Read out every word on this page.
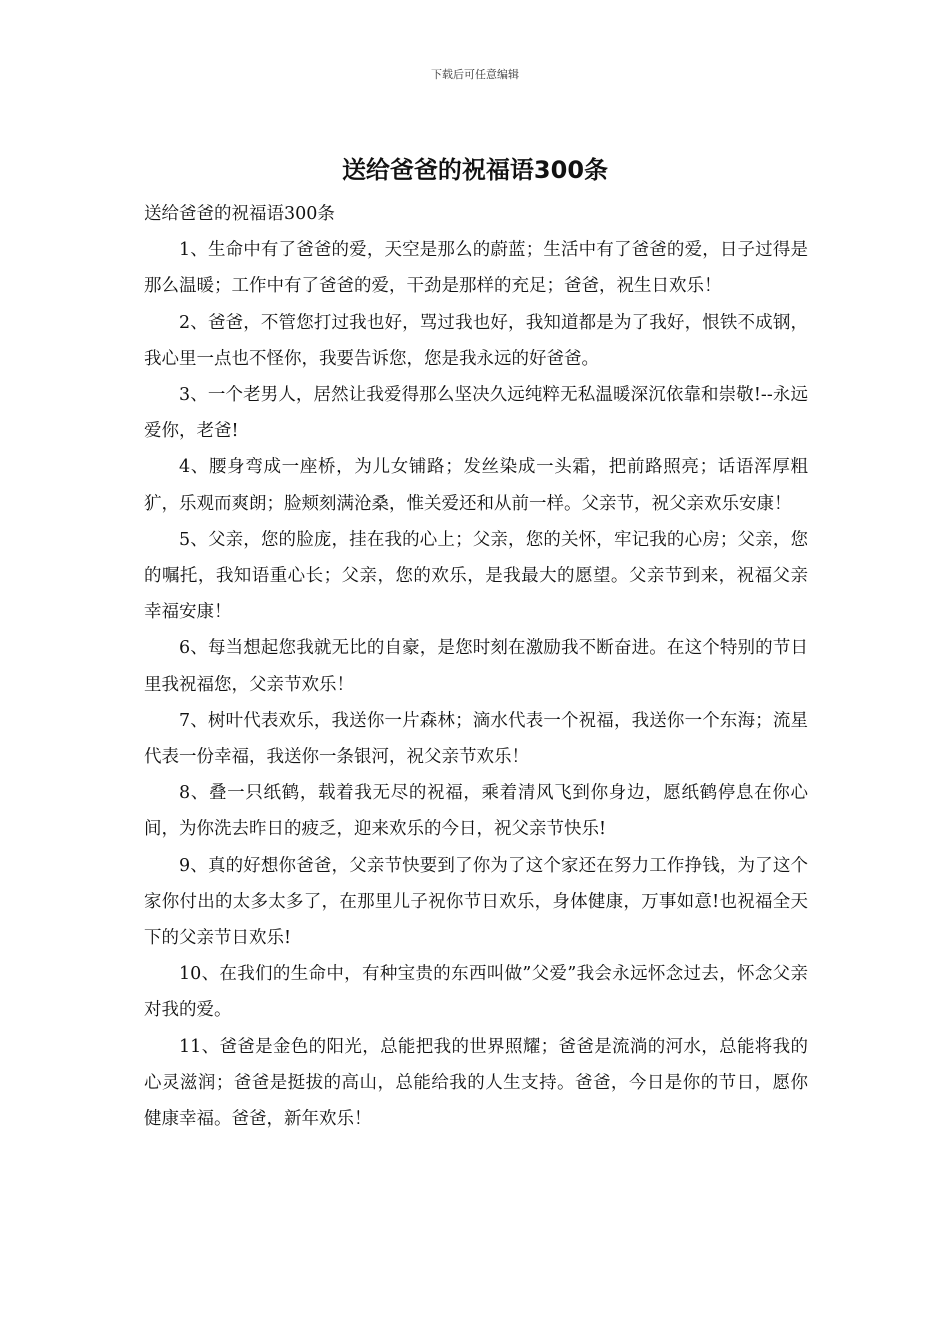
下载后可任意编辑
送给爸爸的祝福语300条

送给爸爸的祝福语300条

1、生命中有了爸爸的爱，天空是那么的蔚蓝；生活中有了爸爸的爱，日子过得是那么温暖；工作中有了爸爸的爱，干劲是那样的充足；爸爸，祝生日欢乐！

2、爸爸，不管您打过我也好，骂过我也好，我知道都是为了我好，恨铁不成钢，我心里一点也不怪你，我要告诉您，您是我永远的好爸爸。

3、一个老男人，居然让我爱得那么坚决久远纯粹无私温暖深沉依靠和崇敬!--永远爱你，老爸!

4、腰身弯成一座桥，为儿女铺路；发丝染成一头霜，把前路照亮；话语浑厚粗犷，乐观而爽朗；脸颊刻满沧桑，惟关爱还和从前一样。父亲节，祝父亲欢乐安康！

5、父亲，您的脸庞，挂在我的心上；父亲，您的关怀，牢记我的心房；父亲，您的嘱托，我知语重心长；父亲，您的欢乐，是我最大的愿望。父亲节到来，祝福父亲幸福安康！

6、每当想起您我就无比的自豪，是您时刻在激励我不断奋进。在这个特别的节日里我祝福您，父亲节欢乐！

7、树叶代表欢乐，我送你一片森林；滴水代表一个祝福，我送你一个东海；流星代表一份幸福，我送你一条银河，祝父亲节欢乐！

8、叠一只纸鹤，载着我无尽的祝福，乘着清风飞到你身边，愿纸鹤停息在你心间，为你洗去昨日的疲乏，迎来欢乐的今日，祝父亲节快乐!

9、真的好想你爸爸，父亲节快要到了你为了这个家还在努力工作挣钱，为了这个家你付出的太多太多了，在那里儿子祝你节日欢乐，身体健康，万事如意!也祝福全天下的父亲节日欢乐!

10、在我们的生命中，有种宝贵的东西叫做”父爱”我会永远怀念过去，怀念父亲对我的爱。

11、爸爸是金色的阳光，总能把我的世界照耀；爸爸是流淌的河水，总能将我的心灵滋润；爸爸是挺拔的高山，总能给我的人生支持。爸爸，今日是你的节日，愿你健康幸福。爸爸，新年欢乐！
